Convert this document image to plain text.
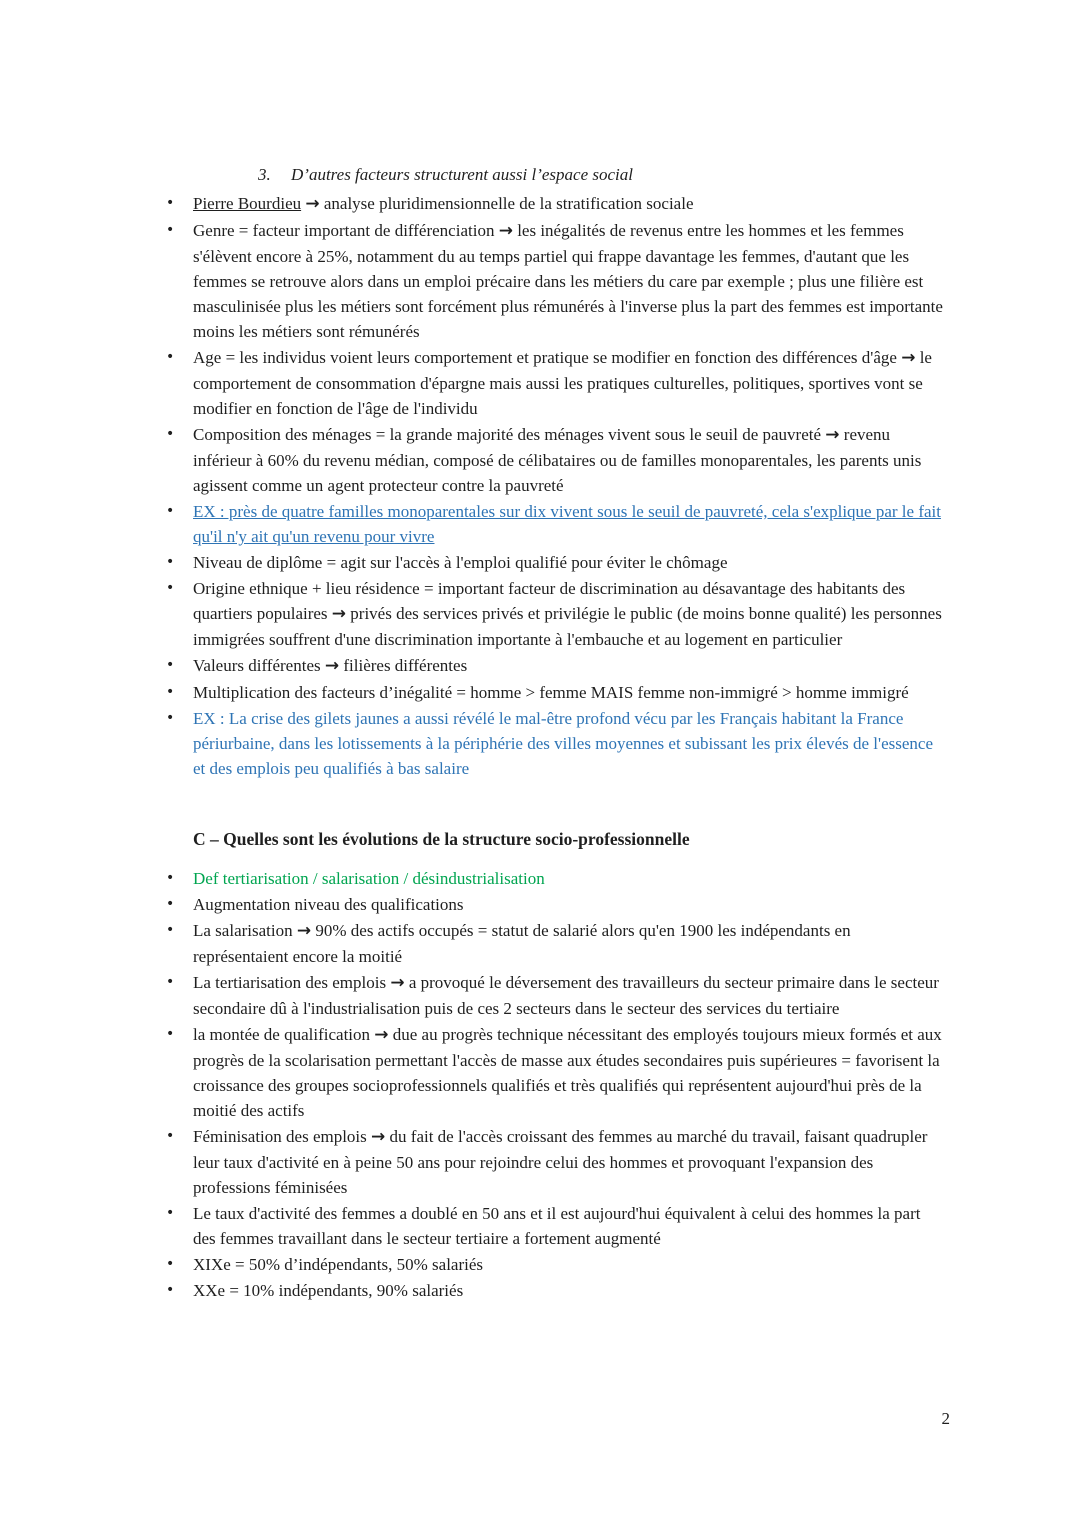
3. D’autres facteurs structurent aussi l’espace social
• Pierre Bourdieu → analyse pluridimensionnelle de la stratification sociale
• Genre = facteur important de différenciation → les inégalités de revenus entre les hommes et les femmes s'élèvent encore à 25%, notamment du au temps partiel qui frappe davantage les femmes, d'autant que les femmes se retrouve alors dans un emploi précaire dans les métiers du care par exemple ; plus une filière est masculinisée plus les métiers sont forcément plus rémunérés à l'inverse plus la part des femmes est importante moins les métiers sont rémunérés
• Age = les individus voient leurs comportement et pratique se modifier en fonction des différences d'âge → le comportement de consommation d'épargne mais aussi les pratiques culturelles, politiques, sportives vont se modifier en fonction de l'âge de l'individu
• Composition des ménages = la grande majorité des ménages vivent sous le seuil de pauvreté → revenu inférieur à 60% du revenu médian, composé de célibataires ou de familles monoparentales, les parents unis agissent comme un agent protecteur contre la pauvreté
• EX : près de quatre familles monoparentales sur dix vivent sous le seuil de pauvreté, cela s'explique par le fait qu'il n'y ait qu'un revenu pour vivre
• Niveau de diplôme = agit sur l'accès à l'emploi qualifié pour éviter le chômage
• Origine ethnique + lieu résidence = important facteur de discrimination au désavantage des habitants des quartiers populaires → privés des services privés et privilégie le public (de moins bonne qualité) les personnes immigrées souffrent d'une discrimination importante à l'embauche et au logement en particulier
• Valeurs différentes → filières différentes
• Multiplication des facteurs d’inégalité = homme > femme MAIS femme non-immigré > homme immigré
• EX : La crise des gilets jaunes a aussi révélé le mal-être profond vécu par les Français habitant la France périurbaine, dans les lotissements à la périphérie des villes moyennes et subissant les prix élevés de l'essence et des emplois peu qualifiés à bas salaire
C – Quelles sont les évolutions de la structure socio-professionnelle
• Def tertiarisation / salarisation / désindustrialisation
• Augmentation niveau des qualifications
• La salarisation → 90% des actifs occupés = statut de salarié alors qu'en 1900 les indépendants en représentaient encore la moitié
• La tertiarisation des emplois → a provoqué le déversement des travailleurs du secteur primaire dans le secteur secondaire dû à l'industrialisation puis de ces 2 secteurs dans le secteur des services du tertiaire
• la montée de qualification → due au progrès technique nécessitant des employés toujours mieux formés et aux progrès de la scolarisation permettant l'accès de masse aux études secondaires puis supérieures = favorisent la croissance des groupes socioprofessionnels qualifiés et très qualifiés qui représentent aujourd'hui près de la moitié des actifs
• Féminisation des emplois → du fait de l'accès croissant des femmes au marché du travail, faisant quadrupler leur taux d'activité en à peine 50 ans pour rejoindre celui des hommes et provoquant l'expansion des professions féminisées
• Le taux d'activité des femmes a doublé en 50 ans et il est aujourd'hui équivalent à celui des hommes la part des femmes travaillant dans le secteur tertiaire a fortement augmenté
• XIXe = 50% d’indépendants, 50% salariés
• XXe = 10% indépendants, 90% salariés
2
